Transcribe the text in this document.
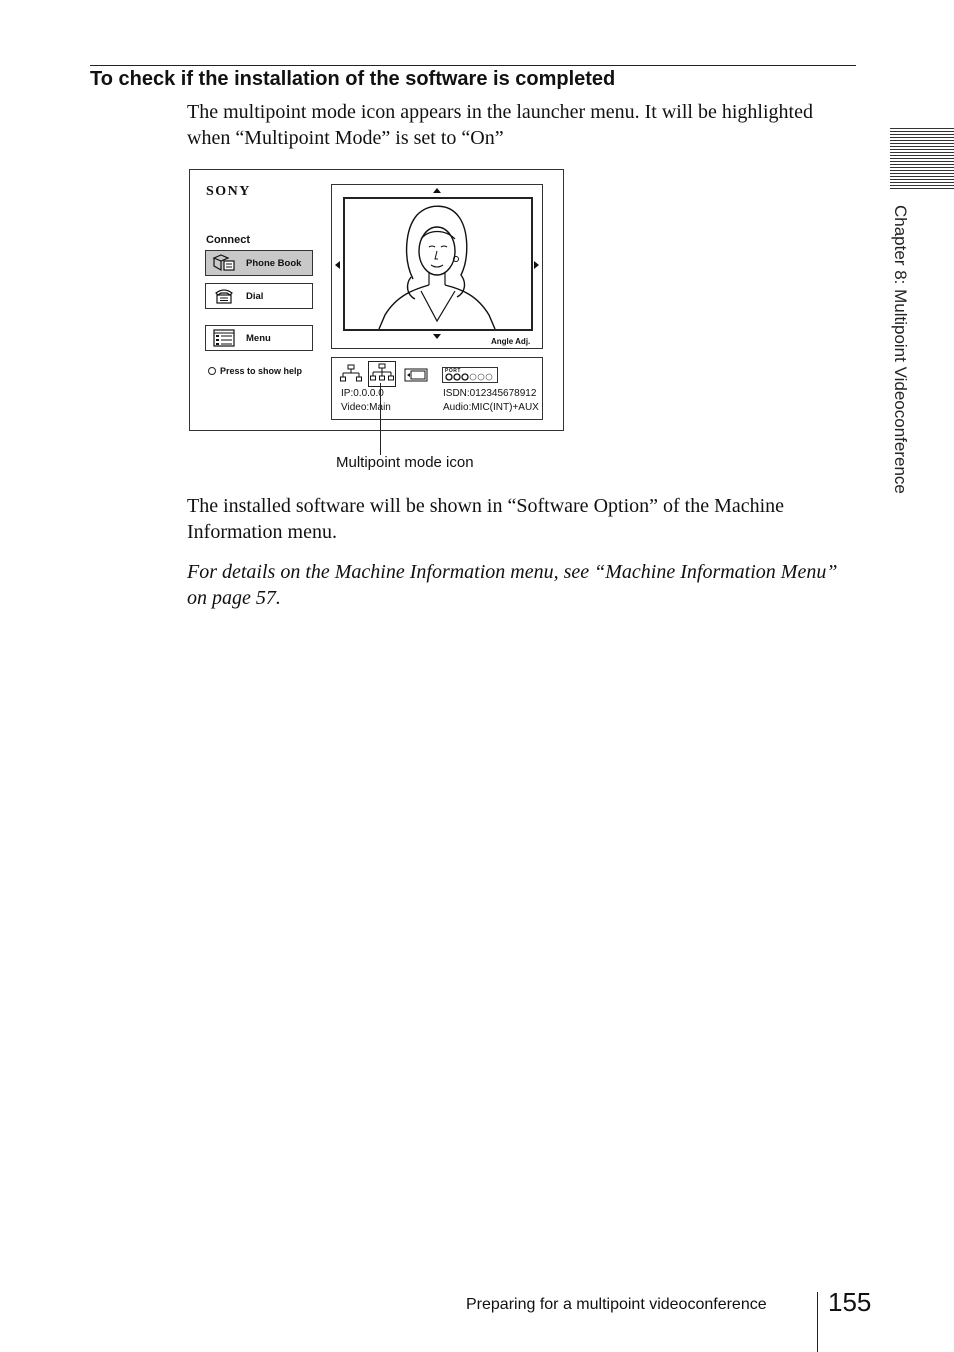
To check if the installation of the software is completed

The multipoint mode icon appears in the launcher menu. It will be highlighted when “Multipoint Mode” is set to “On”

Chapter 8: Multipoint Videoconference
SONY
Connect
Phone Book
Dial
Menu
Press to show help
Angle Adj.
PORT
IP:0.0.0.0	ISDN:012345678912
Video:Main	Audio:MIC(INT)+AUX
Multipoint mode icon

The installed software will be shown in “Software Option” of the Machine Information menu.

For details on the Machine Information menu, see “Machine Information Menu” on page 57.

Preparing for a multipoint videoconference 155
